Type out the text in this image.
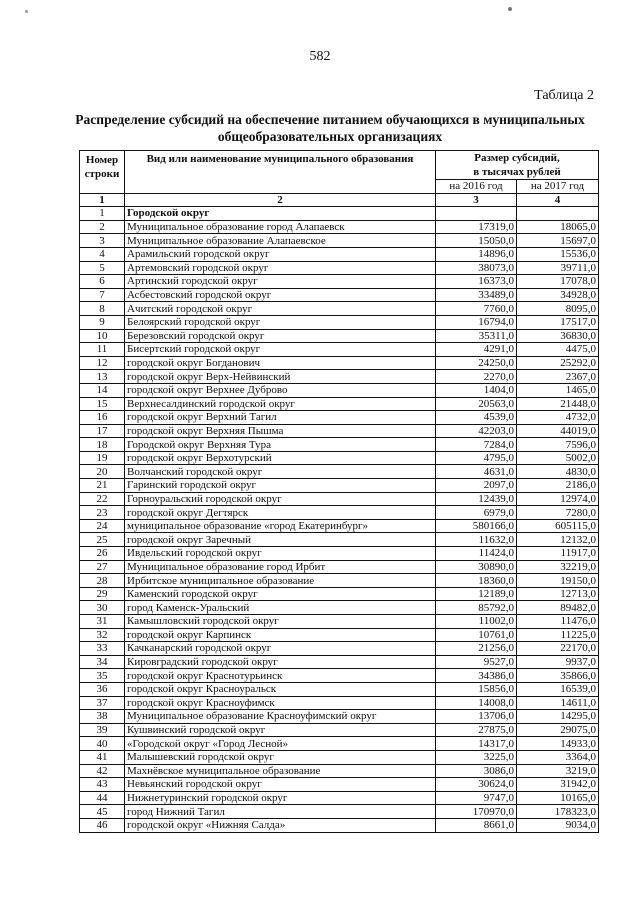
582
Таблица 2
Распределение субсидий на обеспечение питанием обучающихся в муниципальных
общеобразовательных организациях
Номер строки	Вид или наименование муниципального образования	Размер субсидий,
в тысячах рублей	

		на 2016 год	на 2017 год
1	2	3	4
1	Городской округ		
2	Муниципальное образование город Алапаевск	17319,0	18065,0
3	Муниципальное образование Алапаевское	15050,0	15697,0
4	Арамильский городской округ	14896,0	15536,0
5	Артемовский городской округ	38073,0	39711,0
6	Артинский городской округ	16373,0	17078,0
7	Асбестовский городской округ	33489,0	34928,0
8	Ачитский городской округ	7760,0	8095,0
9	Белоярский городской округ	16794,0	17517,0
10	Березовский городской округ	35311,0	36830,0
11	Бисертский городской округ	4291,0	4475,0
12	городской округ Богданович	24250,0	25292,0
13	городской округ Верх-Нейвинский	2270,0	2367,0
14	городской округ Верхнее Дуброво	1404,0	1465,0
15	Верхнесалдинский городской округ	20563,0	21448,0
16	городской округ Верхний Тагил	4539,0	4732,0
17	городской округ Верхняя Пышма	42203,0	44019,0
18	Городской округ Верхняя Тура	7284,0	7596,0
19	городской округ Верхотурский	4795,0	5002,0
20	Волчанский городской округ	4631,0	4830,0
21	Гаринский городской округ	2097,0	2186,0
22	Горноуральский городской округ	12439,0	12974,0
23	городской округ Дегтярск	6979,0	7280,0
24	муниципальное образование «город Екатеринбург»	580166,0	605115,0
25	городской округ Заречный	11632,0	12132,0
26	Ивдельский городской округ	11424,0	11917,0
27	Муниципальное образование город Ирбит	30890,0	32219,0
28	Ирбитское муниципальное образование	18360,0	19150,0
29	Каменский городской округ	12189,0	12713,0
30	город Каменск-Уральский	85792,0	89482,0
31	Камышловский городской округ	11002,0	11476,0
32	городской округ Карпинск	10761,0	11225,0
33	Качканарский городской округ	21256,0	22170,0
34	Кировградский городской округ	9527,0	9937,0
35	городской округ Краснотурьинск	34386,0	35866,0
36	городской округ Красноуральск	15856,0	16539,0
37	городской округ Красноуфимск	14008,0	14611,0
38	Муниципальное образование Красноуфимский округ	13706,0	14295,0
39	Кушвинский городской округ	27875,0	29075,0
40	«Городской округ «Город Лесной»	14317,0	14933,0
41	Малышевский городской округ	3225,0	3364,0
42	Махнёвское муниципальное образование	3086,0	3219,0
43	Невьянский городской округ	30624,0	31942,0
44	Нижнетуринский городской округ	9747,0	10165,0
45	город Нижний Тагил	170970,0	178323,0
46	городской округ «Нижняя Салда»	8661,0	9034,0
